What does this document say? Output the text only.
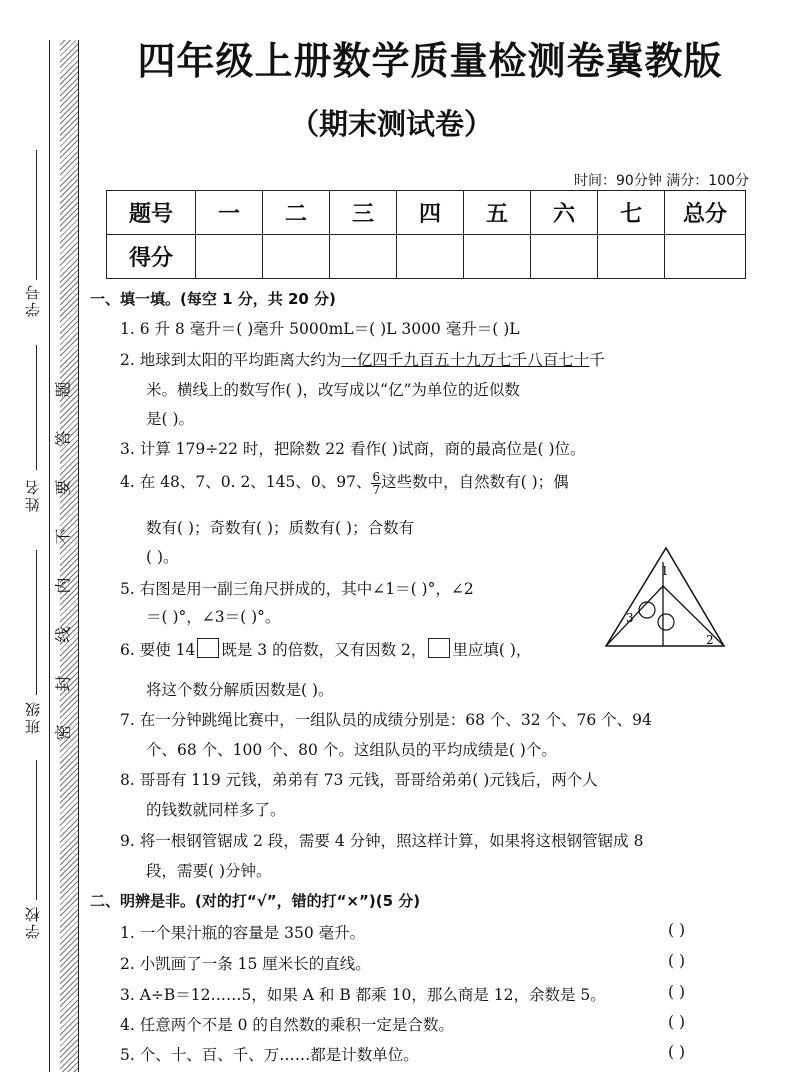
学号
姓名
班级
学校
题
答
要
不
内
线
封
密
四年级上册数学质量检测卷冀教版
（期末测试卷）
时间：90分钟 满分：100分
题号	一	二	三	四	五	六	七	总分
得分								
一、填一填。(每空 1 分，共 20 分)
1. 6 升 8 毫升＝( )毫升 5000mL＝( )L 3000 毫升＝( )L
2. 地球到太阳的平均距离大约为一亿四千九百五十九万七千八百七十千
米。横线上的数写作( )，改写成以“亿”为单位的近似数
是( )。
3. 计算 179÷22 时，把除数 22 看作( )试商，商的最高位是( )位。
4. 在 48、7、0. 2、145、0、97、 $\frac{6}{7}$ 这些数中，自然数有( )；偶
数有( )；奇数有( )；质数有( )；合数有
( )。
5. 右图是用一副三角尺拼成的，其中∠1＝( )°，∠2
＝( )°，∠3＝( )°。
1
2
3
6. 要使 14 既是 3 的倍数，又有因数 2， 里应填( )，
将这个数分解质因数是( )。
7. 在一分钟跳绳比赛中，一组队员的成绩分别是：68 个、32 个、76 个、94
个、68 个、100 个、80 个。这组队员的平均成绩是( )个。
8. 哥哥有 119 元钱，弟弟有 73 元钱，哥哥给弟弟( )元钱后，两个人
的钱数就同样多了。
9. 将一根钢管锯成 2 段，需要 4 分钟，照这样计算，如果将这根钢管锯成 8
段，需要( )分钟。
二、明辨是非。(对的打“√”，错的打“×”)(5 分)
1. 一个果汁瓶的容量是 350 毫升。	( )
2. 小凯画了一条 15 厘米长的直线。	( )
3. A÷B＝12……5，如果 A 和 B 都乘 10，那么商是 12，余数是 5。	( )
4. 任意两个不是 0 的自然数的乘积一定是合数。	( )
5. 个、十、百、千、万……都是计数单位。	( )
